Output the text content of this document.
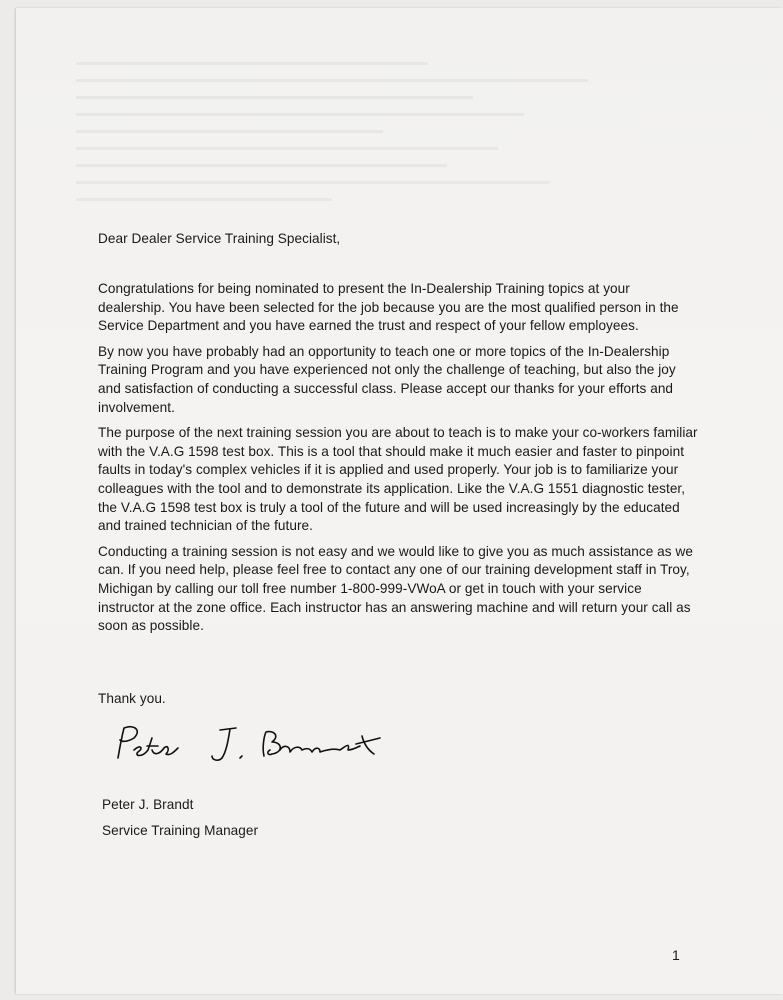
Dear Dealer Service Training Specialist,

Congratulations for being nominated to present the In-Dealership Training topics at your dealership. You have been selected for the job because you are the most qualified person in the Service Department and you have earned the trust and respect of your fellow employees.

By now you have probably had an opportunity to teach one or more topics of the In-Dealership Training Program and you have experienced not only the challenge of teaching, but also the joy and satisfaction of conducting a successful class. Please accept our thanks for your efforts and involvement.

The purpose of the next training session you are about to teach is to make your co-workers familiar with the V.A.G 1598 test box. This is a tool that should make it much easier and faster to pinpoint faults in today's complex vehicles if it is applied and used properly. Your job is to familiarize your colleagues with the tool and to demonstrate its application. Like the V.A.G 1551 diagnostic tester, the V.A.G 1598 test box is truly a tool of the future and will be used increasingly by the educated and trained technician of the future.

Conducting a training session is not easy and we would like to give you as much assistance as we can. If you need help, please feel free to contact any one of our training development staff in Troy, Michigan by calling our toll free number 1-800-999-VWoA or get in touch with your service instructor at the zone office. Each instructor has an answering machine and will return your call as soon as possible.

Thank you.
Peter J. Brandt
Service Training Manager
1
